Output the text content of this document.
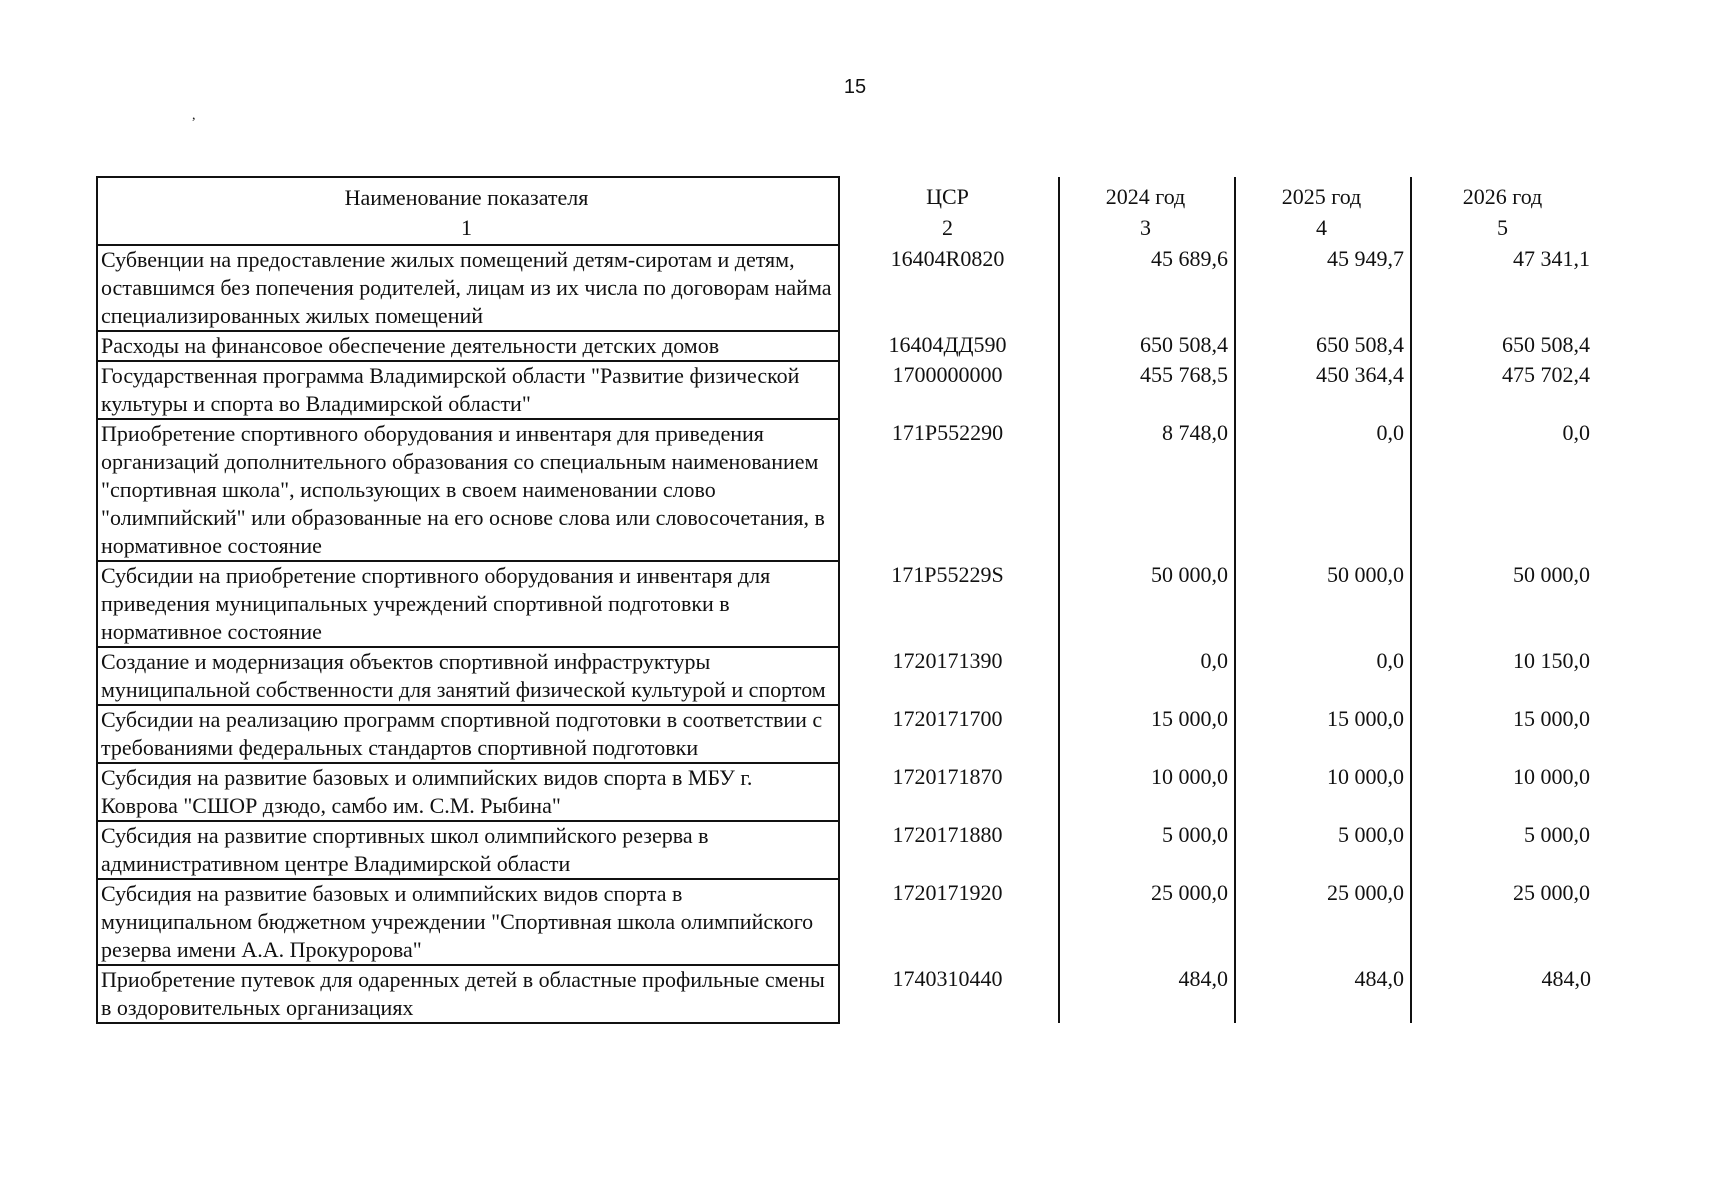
15
,
Наименование показателя	ЦСР	2024 год	2025 год	2026 год
1	2	3	4	5
Субвенции на предоставление жилых помещений детям-сиротам и детям, оставшимся без попечения родителей, лицам из их числа по договорам найма специализированных жилых помещений	16404R0820	45 689,6	45 949,7	47 341,1
Расходы на финансовое обеспечение деятельности детских домов	16404ДД590	650 508,4	650 508,4	650 508,4
Государственная программа Владимирской области "Развитие физической культуры и спорта во Владимирской области"	1700000000	455 768,5	450 364,4	475 702,4
Приобретение спортивного оборудования и инвентаря для приведения организаций дополнительного образования со специальным наименованием "спортивная школа", использующих в своем наименовании слово "олимпийский" или образованные на его основе слова или словосочетания, в нормативное состояние	171P552290	8 748,0	0,0	0,0
Субсидии на приобретение спортивного оборудования и инвентаря для приведения муниципальных учреждений спортивной подготовки в нормативное состояние	171P55229S	50 000,0	50 000,0	50 000,0
Создание и модернизация объектов спортивной инфраструктуры муниципальной собственности для занятий физической культурой и спортом	1720171390	0,0	0,0	10 150,0
Субсидии на реализацию программ спортивной подготовки в соответствии с требованиями федеральных стандартов спортивной подготовки	1720171700	15 000,0	15 000,0	15 000,0
Субсидия на развитие базовых и олимпийских видов спорта в МБУ г. Коврова "СШОР дзюдо, самбо им. С.М. Рыбина"	1720171870	10 000,0	10 000,0	10 000,0
Субсидия на развитие спортивных школ олимпийского резерва в административном центре Владимирской области	1720171880	5 000,0	5 000,0	5 000,0
Субсидия на развитие базовых и олимпийских видов спорта в муниципальном бюджетном учреждении "Спортивная школа олимпийского резерва имени А.А. Прокуророва"	1720171920	25 000,0	25 000,0	25 000,0
Приобретение путевок для одаренных детей в областные профильные смены в оздоровительных организациях	1740310440	484,0	484,0	484,0
